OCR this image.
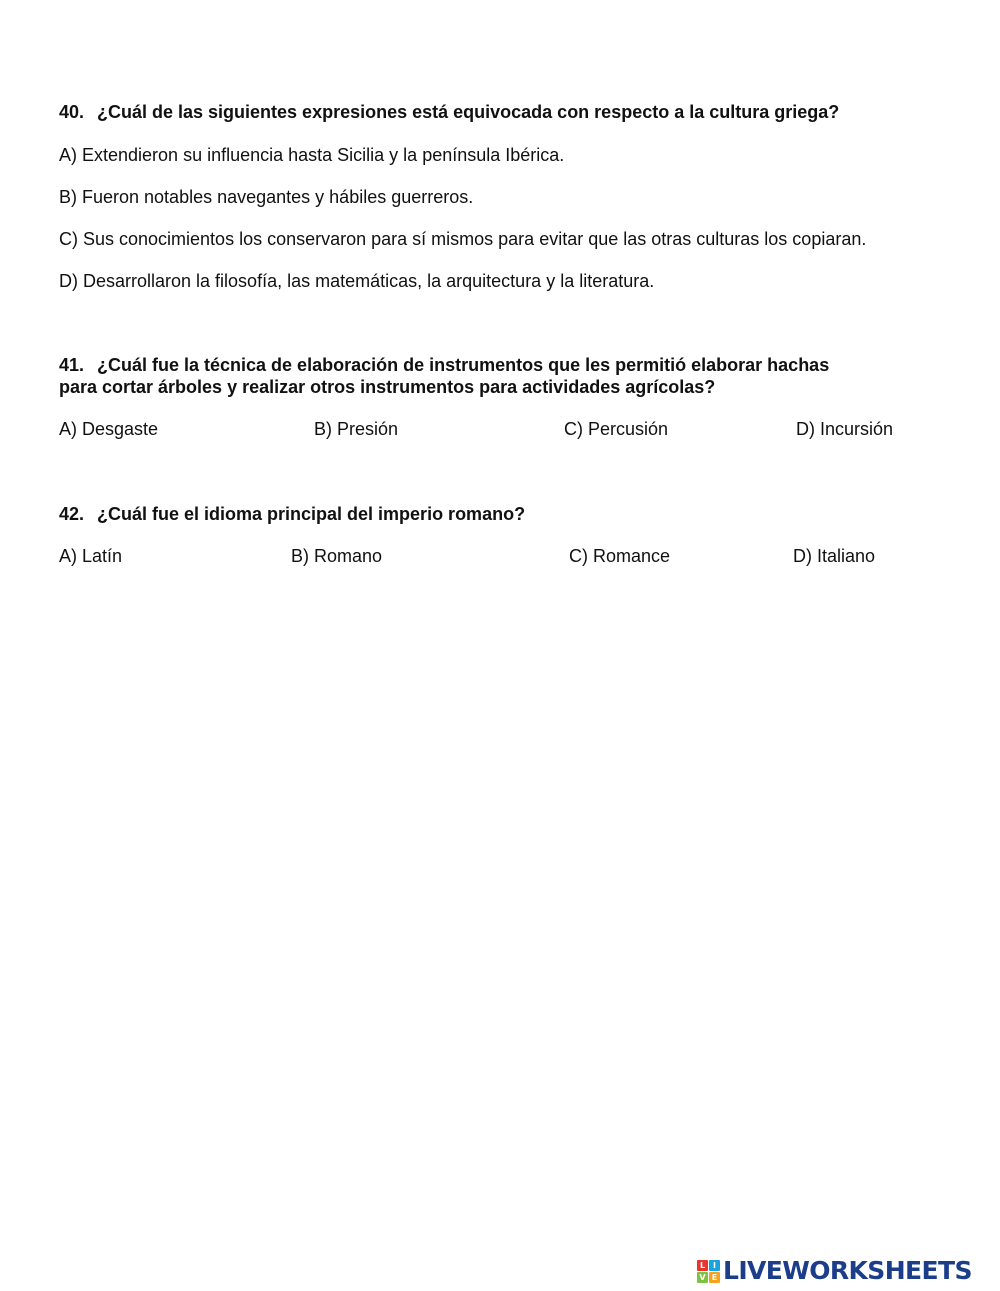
40. ¿Cuál de las siguientes expresiones está equivocada con respecto a la cultura griega?
A) Extendieron su influencia hasta Sicilia y la península Ibérica.
B) Fueron notables navegantes y hábiles guerreros.
C) Sus conocimientos los conservaron para sí mismos para evitar que las otras culturas los copiaran.
D) Desarrollaron la filosofía, las matemáticas, la arquitectura y la literatura.
41. ¿Cuál fue la técnica de elaboración de instrumentos que les permitió elaborar hachas
para cortar árboles y realizar otros instrumentos para actividades agrícolas?
A) Desgaste	B) Presión	C) Percusión	D) Incursión
42. ¿Cuál fue el idioma principal del imperio romano?
A) Latín	B) Romano	C) Romance	D) Italiano
L I
V E LIVEWORKSHEETS
